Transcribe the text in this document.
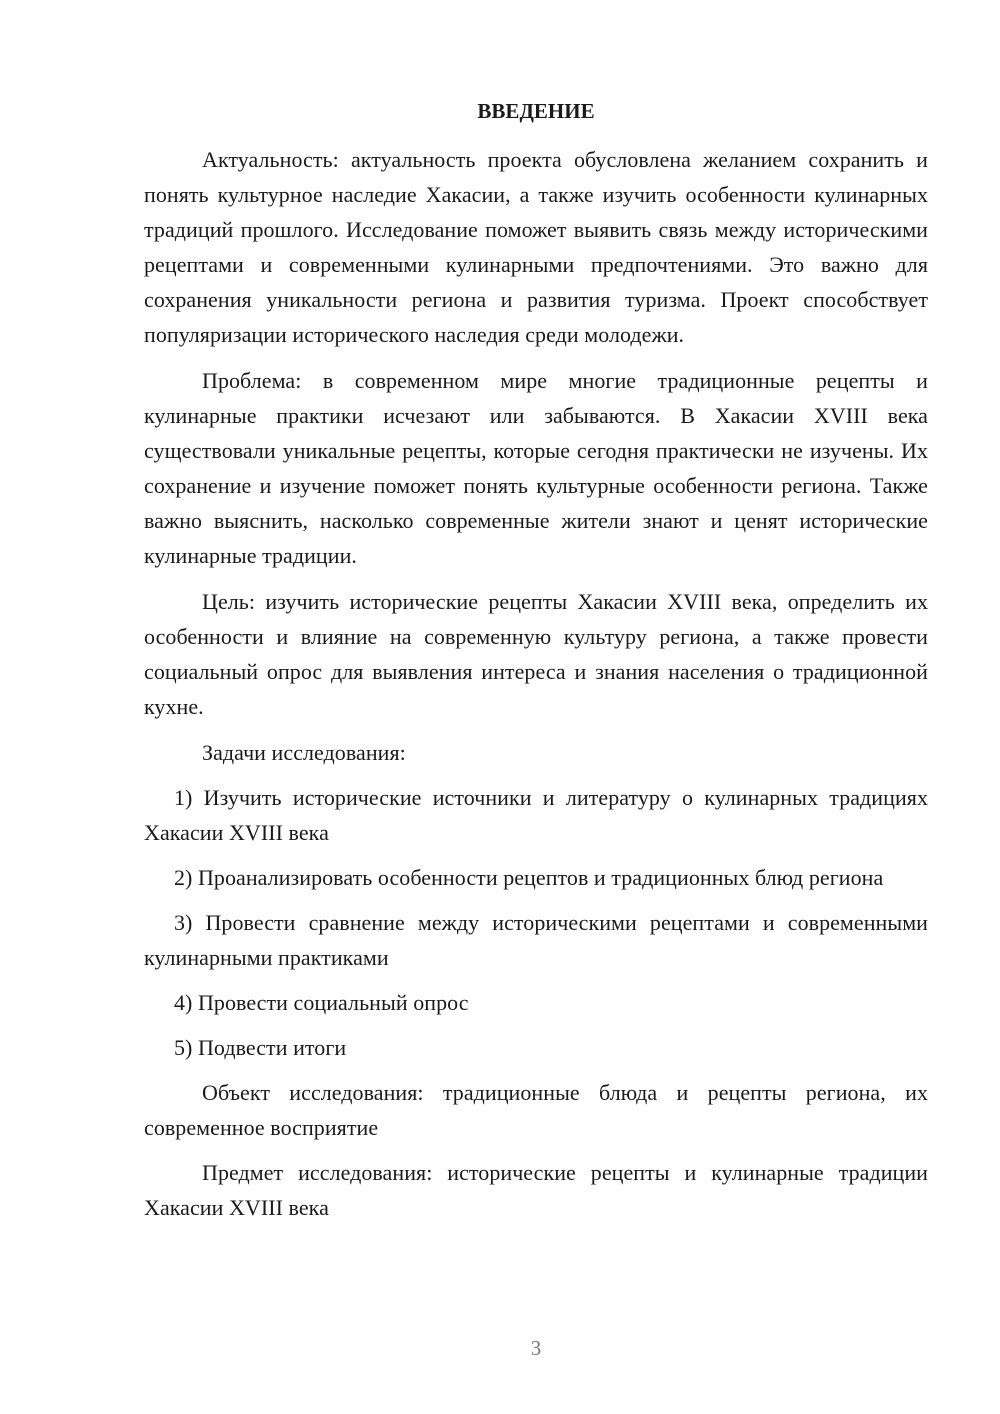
ВВЕДЕНИЕ

Актуальность: актуальность проекта обусловлена желанием сохранить и понять культурное наследие Хакасии, а также изучить особенности кулинарных традиций прошлого. Исследование поможет выявить связь между историческими рецептами и современными кулинарными предпочтениями. Это важно для сохранения уникальности региона и развития туризма. Проект способствует популяризации исторического наследия среди молодежи.

Проблема: в современном мире многие традиционные рецепты и кулинарные практики исчезают или забываются. В Хакасии XVIII века существовали уникальные рецепты, которые сегодня практически не изучены. Их сохранение и изучение поможет понять культурные особенности региона. Также важно выяснить, насколько современные жители знают и ценят исторические кулинарные традиции.

Цель: изучить исторические рецепты Хакасии XVIII века, определить их особенности и влияние на современную культуру региона, а также провести социальный опрос для выявления интереса и знания населения о традиционной кухне.

Задачи исследования:

1) Изучить исторические источники и литературу о кулинарных традициях Хакасии XVIII века

2) Проанализировать особенности рецептов и традиционных блюд региона

3) Провести сравнение между историческими рецептами и современными кулинарными практиками

4) Провести социальный опрос

5) Подвести итоги

Объект исследования: традиционные блюда и рецепты региона, их современное восприятие

Предмет исследования: исторические рецепты и кулинарные традиции Хакасии XVIII века

3
